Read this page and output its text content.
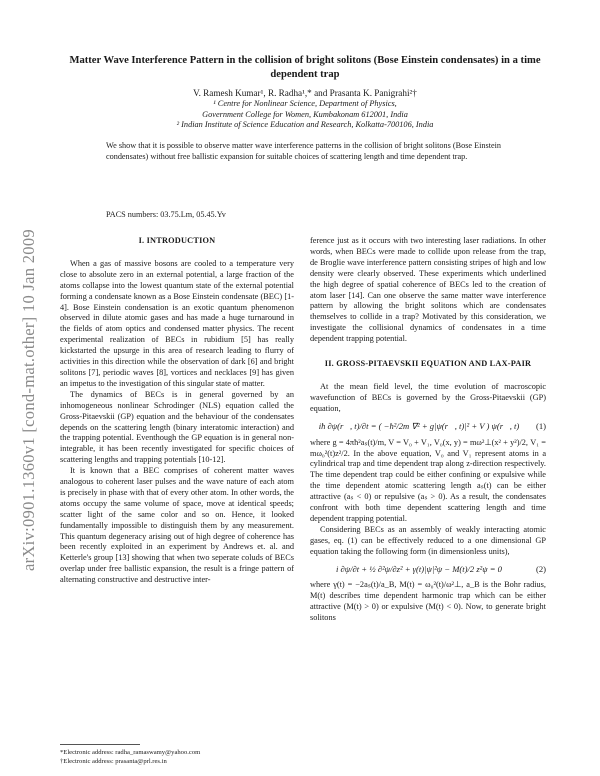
arXiv:0901.1360v1 [cond-mat.other] 10 Jan 2009
Matter Wave Interference Pattern in the collision of bright solitons (Bose Einstein condensates) in a time dependent trap
V. Ramesh Kumar¹, R. Radha¹,* and Prasanta K. Panigrahi²†
¹ Centre for Nonlinear Science, Department of Physics,
Government College for Women, Kumbakonam 612001, India
² Indian Institute of Science Education and Research, Kolkatta-700106, India
We show that it is possible to observe matter wave interference patterns in the collision of bright solitons (Bose Einstein condensates) without free ballistic expansion for suitable choices of scattering length and time dependent trap.
PACS numbers: 03.75.Lm, 05.45.Yv
I. INTRODUCTION

When a gas of massive bosons are cooled to a temperature very close to absolute zero in an external potential, a large fraction of the atoms collapse into the lowest quantum state of the external potential forming a condensate known as a Bose Einstein condensate (BEC) [1-4]. Bose Einstein condensation is an exotic quantum phenomenon observed in dilute atomic gases and has made a huge turnaround in the fields of atom optics and condensed matter physics. The recent experimental realization of BECs in rubidium [5] has really kickstarted the upsurge in this area of research leading to flurry of activities in this direction while the observation of dark [6] and bright solitons [7], periodic waves [8], vortices and necklaces [9] has given an impetus to the investigation of this singular state of matter.

The dynamics of BECs is in general governed by an inhomogeneous nonlinear Schrodinger (NLS) equation called the Gross-Pitaevskii (GP) equation and the behaviour of the condensates depends on the scattering length (binary interatomic interaction) and the trapping potential. Eventhough the GP equation is in general non-integrable, it has been recently investigated for specific choices of scattering lengths and trapping potentials [10-12].

It is known that a BEC comprises of coherent matter waves analogous to coherent laser pulses and the wave nature of each atom is precisely in phase with that of every other atom. In other words, the atoms occupy the same volume of space, move at identical speeds; scatter light of the same color and so on. Hence, it looked fundamentally impossible to distinguish them by any measurement. This quantum degeneracy arising out of high degree of coherence has been recently exploited in an experiment by Andrews et. al. and Ketterle's group [13] showing that when two seperate coluds of BECs overlap under free ballistic expansion, the result is a fringe pattern of alternating constructive and destructive inter-

ference just as it occurs with two interesting laser radiations. In other words, when BECs were made to collide upon release from the trap, de Broglie wave interference pattern consisting stripes of high and low density were clearly observed. These experiments which underlined the high degree of spatial coherence of BECs led to the creation of atom laser [14]. Can one observe the same matter wave interference pattern by allowing the bright solitons which are condensates themselves to collide in a trap? Motivated by this consideration, we investigate the collisional dynamics of condensates in a time dependent trapping potential.

II. GROSS-PITAEVSKII EQUATION AND LAX-PAIR

At the mean field level, the time evolution of macroscopic wavefunction of BECs is governed by the Gross-Pitaevskii (GP) equation,

iħ ∂ψ(r⃗, t)/∂t = ( −ħ²/2m ∇² + g|ψ(r⃗, t)|² + V ) ψ(r⃗, t)	(1)

where g = 4πħ²aₛ(t)/m, V = V₀ + V₁, V₀(x, y) = mω²⊥(x² + y²)/2, V₁ = mω₀²(t)z²/2. In the above equation, V₀ and V₁ represent atoms in a cylindrical trap and time dependent trap along z-direction respectively. The time dependent trap could be either confining or expulsive while the time dependent atomic scattering length aₛ(t) can be either attractive (aₛ < 0) or repulsive (aₛ > 0). As a result, the condensates confront with both time dependent scattering length and time dependent trapping potential.

Considering BECs as an assembly of weakly interacting atomic gases, eq. (1) can be effectively reduced to a one dimensional GP equation taking the following form (in dimensionless units),

i ∂ψ/∂t + ½ ∂²ψ/∂z² + γ(t)|ψ|²ψ − M(t)/2 z²ψ = 0	(2)

where γ(t) = −2aₛ(t)/a_B, M(t) = ω₀²(t)/ω²⊥, a_B is the Bohr radius, M(t) describes time dependent harmonic trap which can be either attractive (M(t) > 0) or expulsive (M(t) < 0). Now, to generate bright solitons

*Electronic address: radha_ramaswamy@yahoo.com
†Electronic address: prasanta@prl.res.in
